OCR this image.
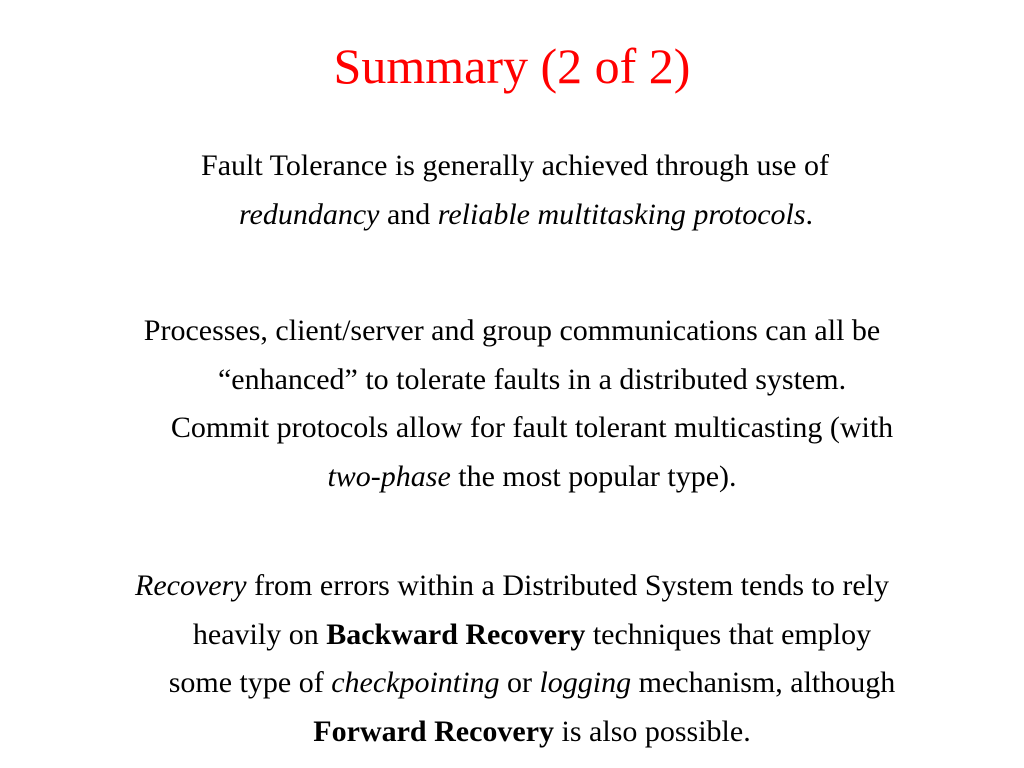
Summary (2 of 2)

Fault Tolerance is generally achieved through use of
redundancy and reliable multitasking protocols.

Processes, client/server and group communications can all be
“enhanced” to tolerate faults in a distributed system.
Commit protocols allow for fault tolerant multicasting (with
two-phase the most popular type).

Recovery from errors within a Distributed System tends to rely
heavily on Backward Recovery techniques that employ
some type of checkpointing or logging mechanism, although
Forward Recovery is also possible.
